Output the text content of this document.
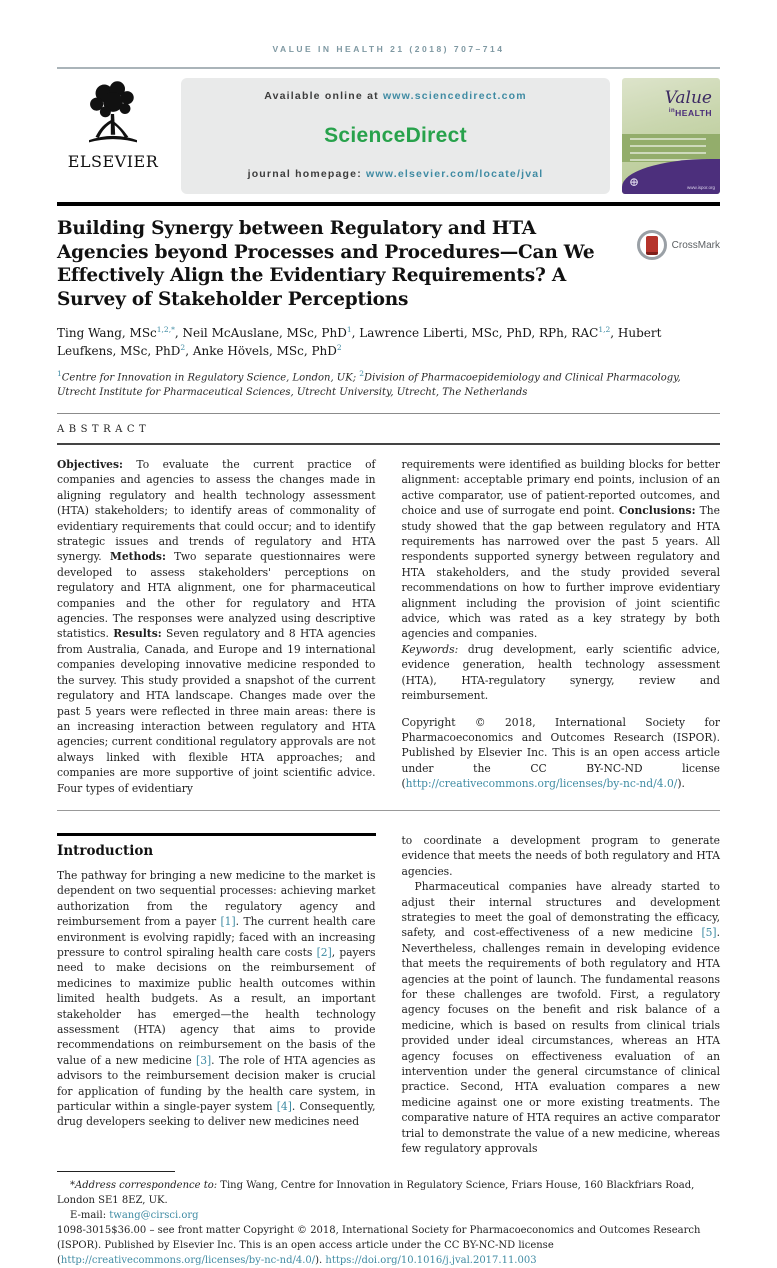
VALUE IN HEALTH 21 (2018) 707–714
ELSEVIER
Available online at www.sciencedirect.com
ScienceDirect
journal homepage: www.elsevier.com/locate/jval
Value
$^{in}$HEALTH
⊕	www.ispor.org
Building Synergy between Regulatory and HTA Agencies beyond Processes and Procedures—Can We Effectively Align the Evidentiary Requirements? A Survey of Stakeholder Perceptions
CrossMark

Ting Wang, MSc$^{1,2,*}$, Neil McAuslane, MSc, PhD$^1$, Lawrence Liberti, MSc, PhD, RPh, RAC$^{1,2}$, Hubert Leufkens, MSc, PhD$^2$, Anke Hövels, MSc, PhD$^2$

$^1$Centre for Innovation in Regulatory Science, London, UK; $^2$Division of Pharmacoepidemiology and Clinical Pharmacology, Utrecht Institute for Pharmaceutical Sciences, Utrecht University, Utrecht, The Netherlands

ABSTRACT

Objectives: To evaluate the current practice of companies and agencies to assess the changes made in aligning regulatory and health technology assessment (HTA) stakeholders; to identify areas of commonality of evidentiary requirements that could occur; and to identify strategic issues and trends of regulatory and HTA synergy. Methods: Two separate questionnaires were developed to assess stakeholders' perceptions on regulatory and HTA alignment, one for pharmaceutical companies and the other for regulatory and HTA agencies. The responses were analyzed using descriptive statistics. Results: Seven regulatory and 8 HTA agencies from Australia, Canada, and Europe and 19 international companies developing innovative medicine responded to the survey. This study provided a snapshot of the current regulatory and HTA landscape. Changes made over the past 5 years were reflected in three main areas: there is an increasing interaction between regulatory and HTA agencies; current conditional regulatory approvals are not always linked with flexible HTA approaches; and companies are more supportive of joint scientific advice. Four types of evidentiary

requirements were identified as building blocks for better alignment: acceptable primary end points, inclusion of an active comparator, use of patient-reported outcomes, and choice and use of surrogate end point. Conclusions: The study showed that the gap between regulatory and HTA requirements has narrowed over the past 5 years. All respondents supported synergy between regulatory and HTA stakeholders, and the study provided several recommendations on how to further improve evidentiary alignment including the provision of joint scientific advice, which was rated as a key strategy by both agencies and companies.

Keywords: drug development, early scientific advice, evidence generation, health technology assessment (HTA), HTA-regulatory synergy, review and reimbursement.

Copyright © 2018, International Society for Pharmacoeconomics and Outcomes Research (ISPOR). Published by Elsevier Inc. This is an open access article under the CC BY-NC-ND license (http://creativecommons.org/licenses/by-nc-nd/4.0/).

Introduction

The pathway for bringing a new medicine to the market is dependent on two sequential processes: achieving market authorization from the regulatory agency and reimbursement from a payer [1]. The current health care environment is evolving rapidly; faced with an increasing pressure to control spiraling health care costs [2], payers need to make decisions on the reimbursement of medicines to maximize public health outcomes within limited health budgets. As a result, an important stakeholder has emerged—the health technology assessment (HTA) agency that aims to provide recommendations on reimbursement on the basis of the value of a new medicine [3]. The role of HTA agencies as advisors to the reimbursement decision maker is crucial for application of funding by the health care system, in particular within a single-payer system [4]. Consequently, drug developers seeking to deliver new medicines need

to coordinate a development program to generate evidence that meets the needs of both regulatory and HTA agencies.

Pharmaceutical companies have already started to adjust their internal structures and development strategies to meet the goal of demonstrating the efficacy, safety, and cost-effectiveness of a new medicine [5]. Nevertheless, challenges remain in developing evidence that meets the requirements of both regulatory and HTA agencies at the point of launch. The fundamental reasons for these challenges are twofold. First, a regulatory agency focuses on the benefit and risk balance of a medicine, which is based on results from clinical trials provided under ideal circumstances, whereas an HTA agency focuses on effectiveness evaluation of an intervention under the general circumstance of clinical practice. Second, HTA evaluation compares a new medicine against one or more existing treatments. The comparative nature of HTA requires an active comparator trial to demonstrate the value of a new medicine, whereas few regulatory approvals

*Address correspondence to: Ting Wang, Centre for Innovation in Regulatory Science, Friars House, 160 Blackfriars Road, London SE1 8EZ, UK.

E-mail: twang@cirsci.org

1098-3015$36.00 – see front matter Copyright © 2018, International Society for Pharmacoeconomics and Outcomes Research (ISPOR). Published by Elsevier Inc. This is an open access article under the CC BY-NC-ND license (http://creativecommons.org/licenses/by-nc-nd/4.0/). https://doi.org/10.1016/j.jval.2017.11.003
